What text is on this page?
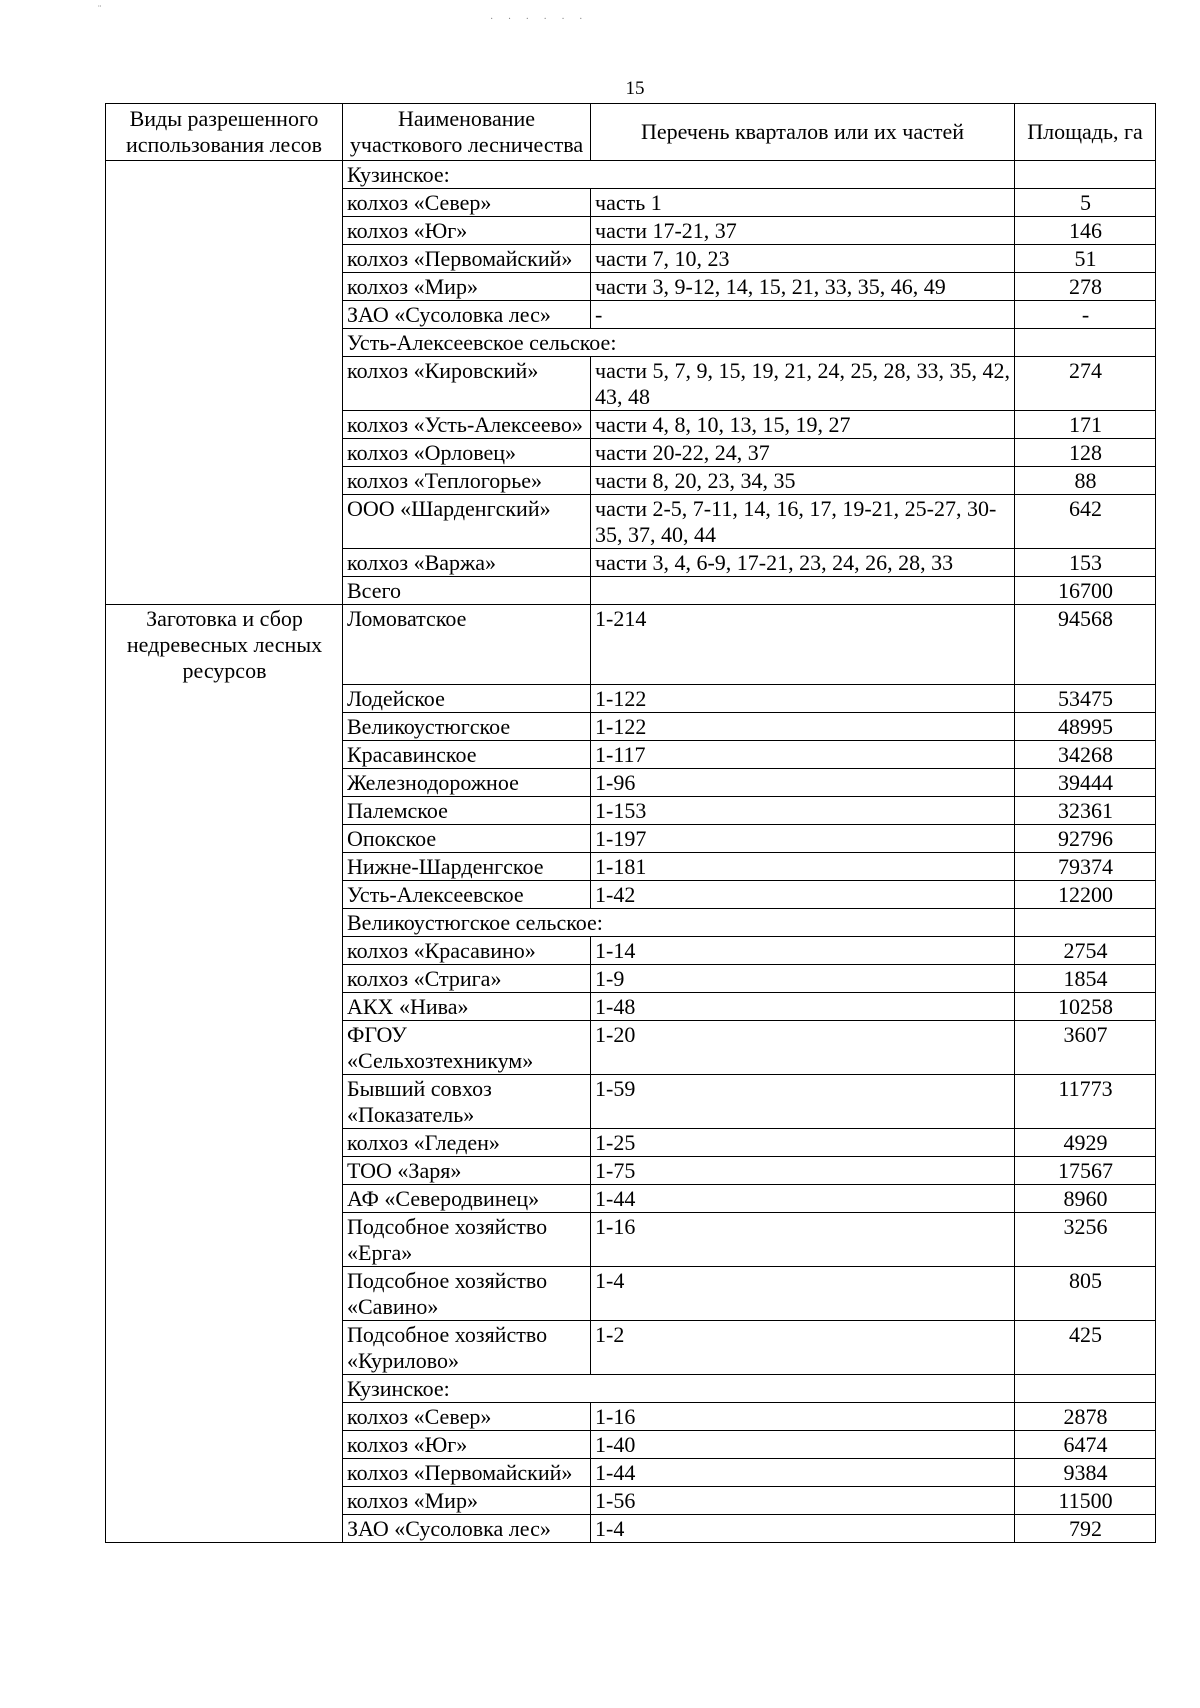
¨
· · · · · ·
15
Виды разрешенного использования лесов	Наименование участкового лесничества	Перечень кварталов или их частей	Площадь, га
	Кузинское:		
	колхоз «Север»	часть 1	5
	колхоз «Юг»	части 17-21, 37	146
	колхоз «Первомайский»	части 7, 10, 23	51
	колхоз «Мир»	части 3, 9-12, 14, 15, 21, 33, 35, 46, 49	278
	ЗАО «Сусоловка лес»	-	-
	Усть-Алексеевское сельское:		
	колхоз «Кировский»	части 5, 7, 9, 15, 19, 21, 24, 25, 28, 33, 35, 42, 43, 48	274
	колхоз «Усть-Алексеево»	части 4, 8, 10, 13, 15, 19, 27	171
	колхоз «Орловец»	части 20-22, 24, 37	128
	колхоз «Теплогорье»	части 8, 20, 23, 34, 35	88
	ООО «Шарденгский»	части 2-5, 7-11, 14, 16, 17, 19-21, 25-27, 30-35, 37, 40, 44	642
	колхоз «Варжа»	части 3, 4, 6-9, 17-21, 23, 24, 26, 28, 33	153
	Всего		16700
Заготовка и сбор недревесных лесных ресурсов	Ломоватское	1-214	94568
	Лодейское	1-122	53475
	Великоустюгское	1-122	48995
	Красавинское	1-117	34268
	Железнодорожное	1-96	39444
	Палемское	1-153	32361
	Опокское	1-197	92796
	Нижне-Шарденгское	1-181	79374
	Усть-Алексеевское	1-42	12200
	Великоустюгское сельское:		
	колхоз «Красавино»	1-14	2754
	колхоз «Стрига»	1-9	1854
	АКХ «Нива»	1-48	10258
	ФГОУ «Сельхозтехникум»	1-20	3607
	Бывший совхоз «Показатель»	1-59	11773
	колхоз «Гледен»	1-25	4929
	ТОО «Заря»	1-75	17567
	АФ «Северодвинец»	1-44	8960
	Подсобное хозяйство «Ерга»	1-16	3256
	Подсобное хозяйство «Савино»	1-4	805
	Подсобное хозяйство «Курилово»	1-2	425
	Кузинское:		
	колхоз «Север»	1-16	2878
	колхоз «Юг»	1-40	6474
	колхоз «Первомайский»	1-44	9384
	колхоз «Мир»	1-56	11500
	ЗАО «Сусоловка лес»	1-4	792
